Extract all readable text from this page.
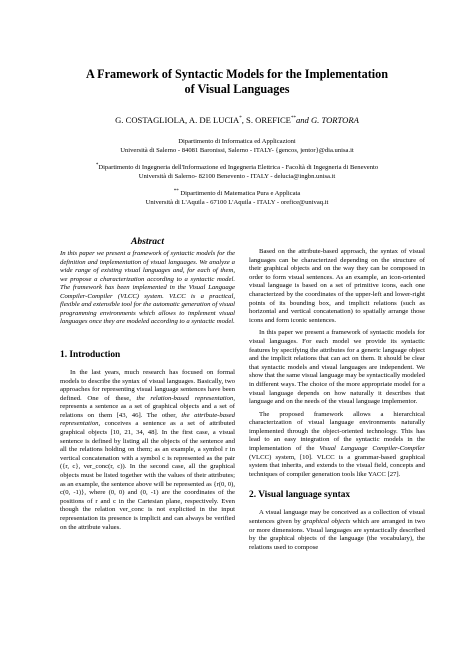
A Framework of Syntactic Models for the Implementation
of Visual Languages
G. COSTAGLIOLA, A. DE LUCIA*, S. OREFICE**and G. TORTORA
Dipartimento di Informatica ed Applicazioni
Università di Salerno - 84081 Baronissi, Salerno - ITALY- {gencos, jentor}@dia.unisa.it
*Dipartimento di Ingegneria dell'Informazione ed Ingegneria Elettrica - Facoltà di Ingegneria di Benevento
Università di Salerno- 82100 Benevento - ITALY - delucia@ingbn.unisa.it
** Dipartimento di Matematica Pura e Applicata
Università di L'Aquila - 67100 L'Aquila - ITALY - orefice@univaq.it
Abstract

In this paper we present a framework of syntactic models for the definition and implementation of visual languages. We analyze a wide range of existing visual languages and, for each of them, we propose a characterization according to a syntactic model. The framework has been implemented in the Visual Language Compiler-Compiler (VLCC) system. VLCC is a practical, flexible and extensible tool for the automatic generation of visual programming environments which allows to implement visual languages once they are modeled according to a syntactic model.

1. Introduction

In the last years, much research has focused on formal models to describe the syntax of visual languages. Basically, two approaches for representing visual language sentences have been defined. One of these, the relation-based representation, represents a sentence as a set of graphical objects and a set of relations on them [43, 46]. The other, the attribute-based representation, conceives a sentence as a set of attributed graphical objects [10, 21, 34, 48]. In the first case, a visual sentence is defined by listing all the objects of the sentence and all the relations holding on them; as an example, a symbol r in vertical concatenation with a symbol c is represented as the pair ({r, c}, ver_conc(r, c)). In the second case, all the graphical objects must be listed together with the values of their attributes; as an example, the sentence above will be represented as {r(0, 0), c(0, -1)}, where (0, 0) and (0, -1) are the coordinates of the positions of r and c in the Cartesian plane, respectively. Even though the relation ver_conc is not explicited in the input representation its presence is implicit and can always be verified on the attribute values.

Based on the attribute-based approach, the syntax of visual languages can be characterized depending on the structure of their graphical objects and on the way they can be composed in order to form visual sentences. As an example, an icon-oriented visual language is based on a set of primitive icons, each one characterized by the coordinates of the upper-left and lower-right points of its bounding box, and implicit relations (such as horizontal and vertical concatenation) to spatially arrange those icons and form iconic sentences.

In this paper we present a framework of syntactic models for visual languages. For each model we provide its syntactic features by specifying the attributes for a generic language object and the implicit relations that can act on them. It should be clear that syntactic models and visual languages are independent. We show that the same visual language may be syntactically modeled in different ways. The choice of the more appropriate model for a visual language depends on how naturally it describes that language and on the needs of the visual language implementor.

The proposed framework allows a hierarchical characterization of visual language environments naturally implemented through the object-oriented technology. This has lead to an easy integration of the syntactic models in the implementation of the Visual Language Compiler-Compiler (VLCC) system, [10]. VLCC is a grammar-based graphical system that inherits, and extends to the visual field, concepts and techniques of compiler generation tools like YACC [27].

2. Visual language syntax

A visual language may be conceived as a collection of visual sentences given by graphical objects which are arranged in two or more dimensions. Visual languages are syntactically described by the graphical objects of the language (the vocabulary), the relations used to compose
